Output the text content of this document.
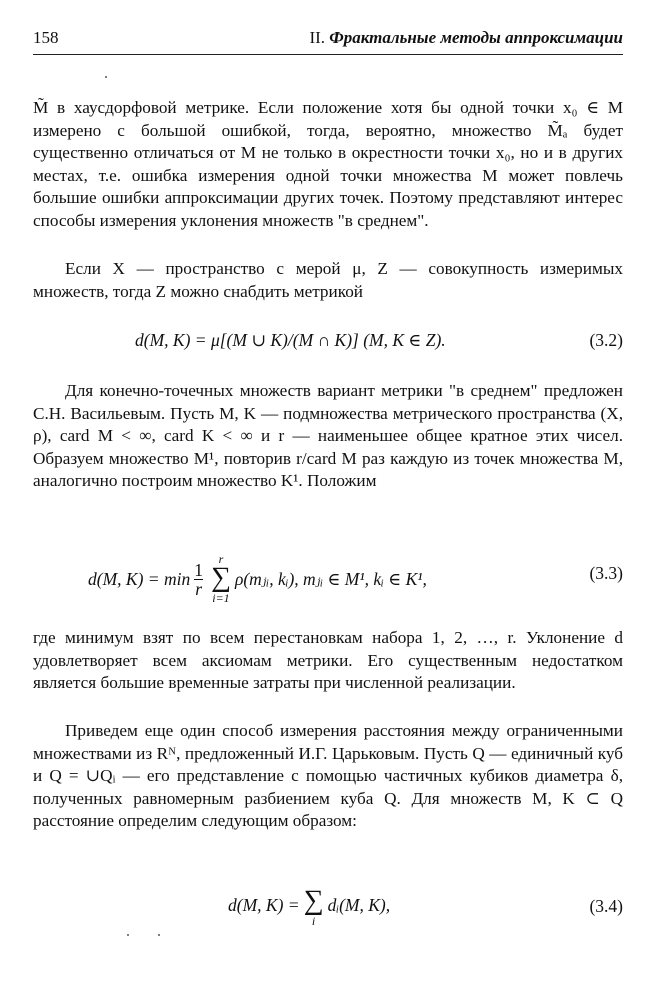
158	II. Фрактальные методы аппроксимации

M̃ в хаусдорфовой метрике. Если положение хотя бы одной точки x₀ ∈ M измерено с большой ошибкой, тогда, вероятно, множество M̃ₐ будет существенно отличаться от M не только в окрестности точки x₀, но и в других местах, т.е. ошибка измерения одной точки множества M может повлечь большие ошибки аппроксимации других точек. Поэтому представляют интерес способы измерения уклонения множеств "в среднем".

Если X — пространство с мерой μ, Z — совокупность измеримых множеств, тогда Z можно снабдить метрикой

d(M, K) = μ[(M ∪ K)/(M ∩ K)] (M, K ∈ Z).	(3.2)

Для конечно-точечных множеств вариант метрики "в среднем" предложен С.Н. Васильевым. Пусть M, K — подмножества метрического пространства (X, ρ), card M < ∞, card K < ∞ и r — наименьшее общее кратное этих чисел. Образуем множество M¹, повторив r/card M раз каждую из точек множества M, аналогично построим множество K¹. Положим

d(M, $K) = \min \frac{1}{r}$
r
∑
i=1
ρ(mⱼᵢ, kᵢ), mⱼᵢ ∈ M¹, kᵢ ∈ K¹,	(3.3)

где минимум взят по всем перестановкам набора 1, 2, …, r. Уклонение d удовлетворяет всем аксиомам метрики. Его существенным недостатком является большие временные затраты при численной реализации.

Приведем еще один способ измерения расстояния между ограниченными множествами из Rᴺ, предложенный И.Г. Царьковым. Пусть Q — единичный куб и Q = ∪Qᵢ — его представление с помощью частичных кубиков диаметра δ, полученных равномерным разбиением куба Q. Для множеств M, K ⊂ Q расстояние определим следующим образом:

d(M, K) = ∑
i
dᵢ(M, K),	(3.4)
